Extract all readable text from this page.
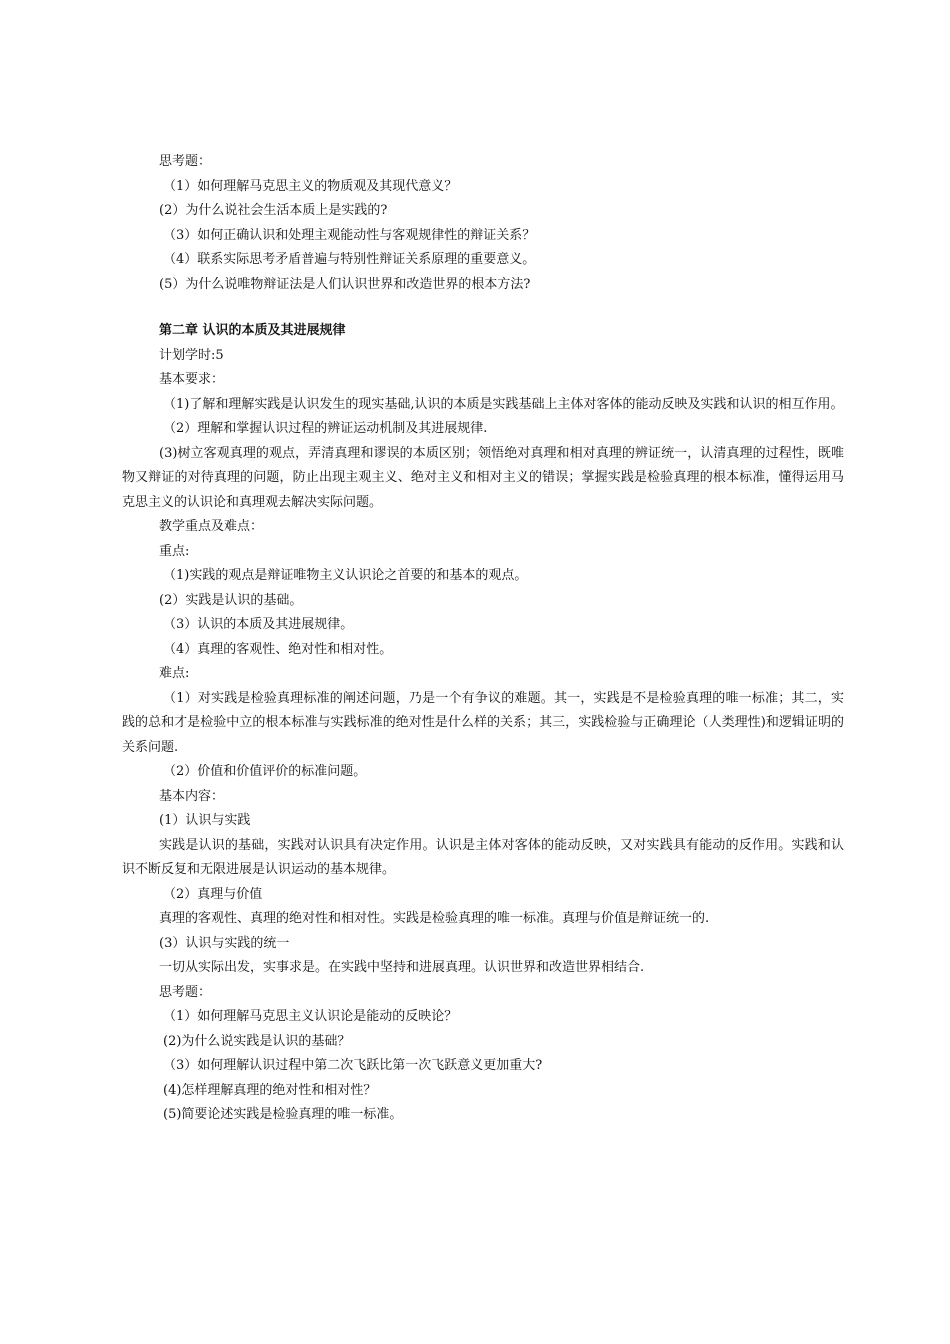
思考题：
（1）如何理解马克思主义的物质观及其现代意义？
(2）为什么说社会生活本质上是实践的?
（3）如何正确认识和处理主观能动性与客观规律性的辩证关系？
（4）联系实际思考矛盾普遍与特别性辩证关系原理的重要意义。
(5）为什么说唯物辩证法是人们认识世界和改造世界的根本方法?
第二章 认识的本质及其进展规律
计划学时:5
基本要求：
（1)了解和理解实践是认识发生的现实基础,认识的本质是实践基础上主体对客体的能动反映及实践和认识的相互作用。
（2）理解和掌握认识过程的辨证运动机制及其进展规律.
(3)树立客观真理的观点，弄清真理和谬误的本质区别；领悟绝对真理和相对真理的辨证统一，认清真理的过程性，既唯物又辩证的对待真理的问题，防止出现主观主义、绝对主义和相对主义的错误；掌握实践是检验真理的根本标准，懂得运用马克思主义的认识论和真理观去解决实际问题。
教学重点及难点：
重点:
（1)实践的观点是辩证唯物主义认识论之首要的和基本的观点。
(2）实践是认识的基础。
（3）认识的本质及其进展规律。
（4）真理的客观性、绝对性和相对性。
难点:
（1）对实践是检验真理标准的阐述问题，乃是一个有争议的难题。其一，实践是不是检验真理的唯一标准；其二，实践的总和才是检验中立的根本标准与实践标准的绝对性是什么样的关系；其三，实践检验与正确理论（人类理性)和逻辑证明的关系问题.
（2）价值和价值评价的标准问题。
基本内容：
(1）认识与实践
实践是认识的基础，实践对认识具有决定作用。认识是主体对客体的能动反映，又对实践具有能动的反作用。实践和认识不断反复和无限进展是认识运动的基本规律。
（2）真理与价值
真理的客观性、真理的绝对性和相对性。实践是检验真理的唯一标准。真理与价值是辩证统一的.
(3）认识与实践的统一
一切从实际出发，实事求是。在实践中坚持和进展真理。认识世界和改造世界相结合.
思考题：
（1）如何理解马克思主义认识论是能动的反映论？
(2)为什么说实践是认识的基础？
（3）如何理解认识过程中第二次飞跃比第一次飞跃意义更加重大?
(4)怎样理解真理的绝对性和相对性？
(5)简要论述实践是检验真理的唯一标准。
